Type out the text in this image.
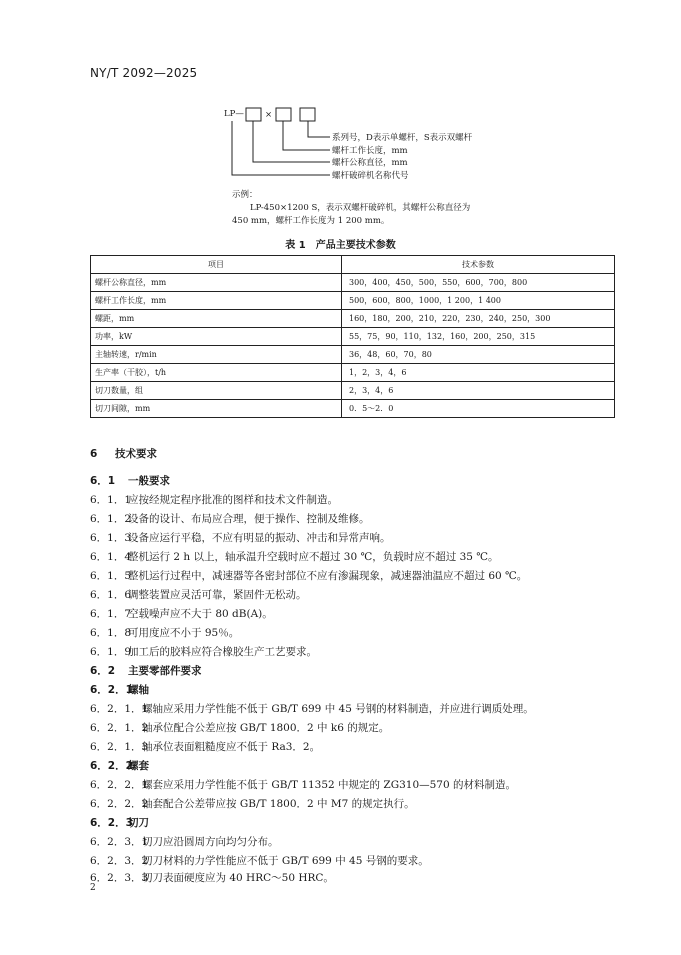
NY/T 2092—2025
LP— ×
系列号，D表示单螺杆，S表示双螺杆
螺杆工作长度，mm
螺杆公称直径，mm
螺杆破碎机名称代号
示例：
LP-450×1200 S，表示双螺杆破碎机，其螺杆公称直径为
450 mm，螺杆工作长度为 1 200 mm。
表 1　产品主要技术参数
项目	技术参数
螺杆公称直径，mm	300，400，450，500，550，600，700，800
螺杆工作长度，mm	500，600，800，1000，1 200，1 400
螺距，mm	160，180，200，210，220，230，240，250，300
功率，kW	55，75，90，110，132，160，200，250，315
主轴转速，r/min	36，48，60，70，80
生产率（干胶），t/h	1，2，3，4，6
切刀数量，组	2，3，4，6
切刀间隙，mm	0．5～2．0
6 技术要求
6．1 一般要求
6．1．1应按经规定程序批准的图样和技术文件制造。
6．1．2设备的设计、布局应合理，便于操作、控制及维修。
6．1．3设备应运行平稳，不应有明显的振动、冲击和异常声响。
6．1．4整机运行 2 h 以上，轴承温升空载时应不超过 30 ℃，负载时应不超过 35 ℃。
6．1．5整机运行过程中，减速器等各密封部位不应有渗漏现象，减速器油温应不超过 60 ℃。
6．1．6调整装置应灵活可靠，紧固件无松动。
6．1．7空载噪声应不大于 80 dB(A)。
6．1．8可用度应不小于 95％。
6．1．9加工后的胶料应符合橡胶生产工艺要求。
6．2 主要零部件要求
6．2．1螺轴
6．2．1．1螺轴应采用力学性能不低于 GB/T 699 中 45 号钢的材料制造，并应进行调质处理。
6．2．1．2轴承位配合公差应按 GB/T 1800．2 中 k6 的规定。
6．2．1．3轴承位表面粗糙度应不低于 Ra3．2。
6．2．2螺套
6．2．2．1螺套应采用力学性能不低于 GB/T 11352 中规定的 ZG310—570 的材料制造。
6．2．2．2轴套配合公差带应按 GB/T 1800．2 中 M7 的规定执行。
6．2．3切刀
6．2．3．1切刀应沿圆周方向均匀分布。
6．2．3．2切刀材料的力学性能应不低于 GB/T 699 中 45 号钢的要求。
6．2．3．3切刀表面硬度应为 40 HRC～50 HRC。
2
